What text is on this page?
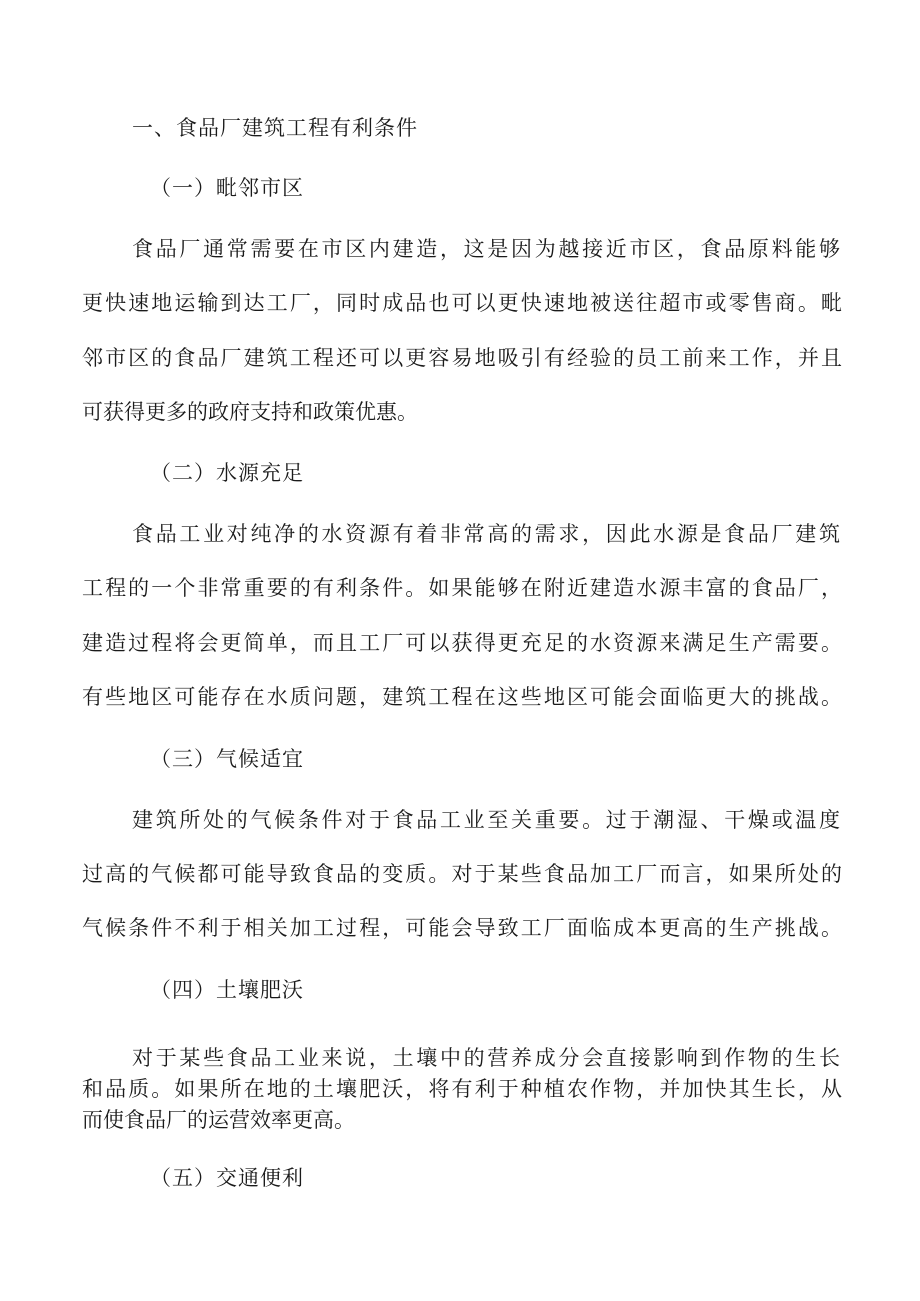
一、食品厂建筑工程有利条件
（一）毗邻市区
食品厂通常需要在市区内建造，这是因为越接近市区，食品原料能够
更快速地运输到达工厂，同时成品也可以更快速地被送往超市或零售商。毗
邻市区的食品厂建筑工程还可以更容易地吸引有经验的员工前来工作，并且
可获得更多的政府支持和政策优惠。
（二）水源充足
食品工业对纯净的水资源有着非常高的需求，因此水源是食品厂建筑
工程的一个非常重要的有利条件。如果能够在附近建造水源丰富的食品厂，
建造过程将会更简单，而且工厂可以获得更充足的水资源来满足生产需要。
有些地区可能存在水质问题，建筑工程在这些地区可能会面临更大的挑战。
（三）气候适宜
建筑所处的气候条件对于食品工业至关重要。过于潮湿、干燥或温度
过高的气候都可能导致食品的变质。对于某些食品加工厂而言，如果所处的
气候条件不利于相关加工过程，可能会导致工厂面临成本更高的生产挑战。
（四）土壤肥沃
对于某些食品工业来说，土壤中的营养成分会直接影响到作物的生长
和品质。如果所在地的土壤肥沃，将有利于种植农作物，并加快其生长，从
而使食品厂的运营效率更高。
（五）交通便利
